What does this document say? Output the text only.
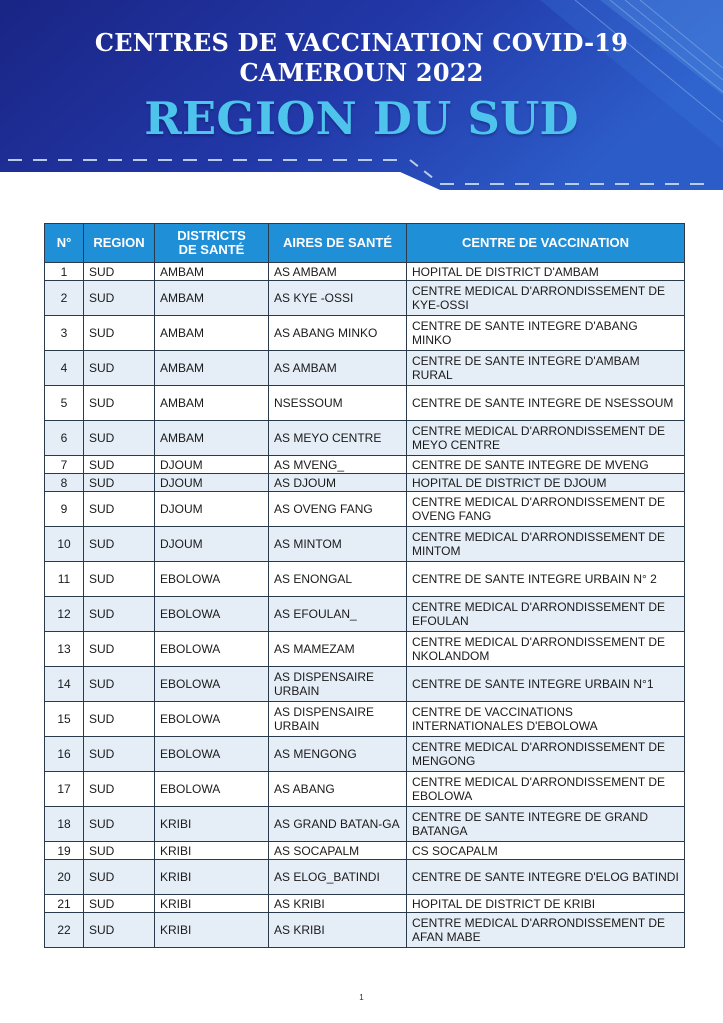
CENTRES DE VACCINATION COVID-19
CAMEROUN 2022
REGION DU SUD
N°	REGION	DISTRICTS DE SANTÉ	AIRES DE SANTÉ	CENTRE DE VACCINATION
1	SUD	AMBAM	AS AMBAM	HOPITAL DE DISTRICT D'AMBAM
2	SUD	AMBAM	AS KYE -OSSI	CENTRE MEDICAL D'ARRONDISSEMENT DE KYE-OSSI
3	SUD	AMBAM	AS ABANG MINKO	CENTRE DE SANTE INTEGRE D'ABANG MINKO
4	SUD	AMBAM	AS AMBAM	CENTRE DE SANTE INTEGRE D'AMBAM RURAL
5	SUD	AMBAM	NSESSOUM	CENTRE DE SANTE INTEGRE DE NSESSOUM
6	SUD	AMBAM	AS MEYO CENTRE	CENTRE MEDICAL D'ARRONDISSEMENT DE MEYO CENTRE
7	SUD	DJOUM	AS MVENG_	CENTRE DE SANTE INTEGRE DE MVENG
8	SUD	DJOUM	AS DJOUM	HOPITAL DE DISTRICT DE DJOUM
9	SUD	DJOUM	AS OVENG FANG	CENTRE MEDICAL D'ARRONDISSEMENT DE OVENG FANG
10	SUD	DJOUM	AS MINTOM	CENTRE MEDICAL D'ARRONDISSEMENT DE MINTOM
11	SUD	EBOLOWA	AS ENONGAL	CENTRE DE SANTE INTEGRE URBAIN N° 2
12	SUD	EBOLOWA	AS EFOULAN_	CENTRE MEDICAL D'ARRONDISSEMENT DE EFOULAN
13	SUD	EBOLOWA	AS MAMEZAM	CENTRE MEDICAL D'ARRONDISSEMENT DE NKOLANDOM
14	SUD	EBOLOWA	AS DISPENSAIRE URBAIN	CENTRE DE SANTE INTEGRE URBAIN N°1
15	SUD	EBOLOWA	AS DISPENSAIRE URBAIN	CENTRE DE VACCINATIONS INTERNATIONALES D'EBOLOWA
16	SUD	EBOLOWA	AS MENGONG	CENTRE MEDICAL D'ARRONDISSEMENT DE MENGONG
17	SUD	EBOLOWA	AS ABANG	CENTRE MEDICAL D'ARRONDISSEMENT DE EBOLOWA
18	SUD	KRIBI	AS GRAND BATAN-GA	CENTRE DE SANTE INTEGRE DE GRAND BATANGA
19	SUD	KRIBI	AS SOCAPALM	CS SOCAPALM
20	SUD	KRIBI	AS ELOG_BATINDI	CENTRE DE SANTE INTEGRE D'ELOG BATINDI
21	SUD	KRIBI	AS KRIBI	HOPITAL DE DISTRICT DE KRIBI
22	SUD	KRIBI	AS KRIBI	CENTRE MEDICAL D'ARRONDISSEMENT DE AFAN MABE
1
